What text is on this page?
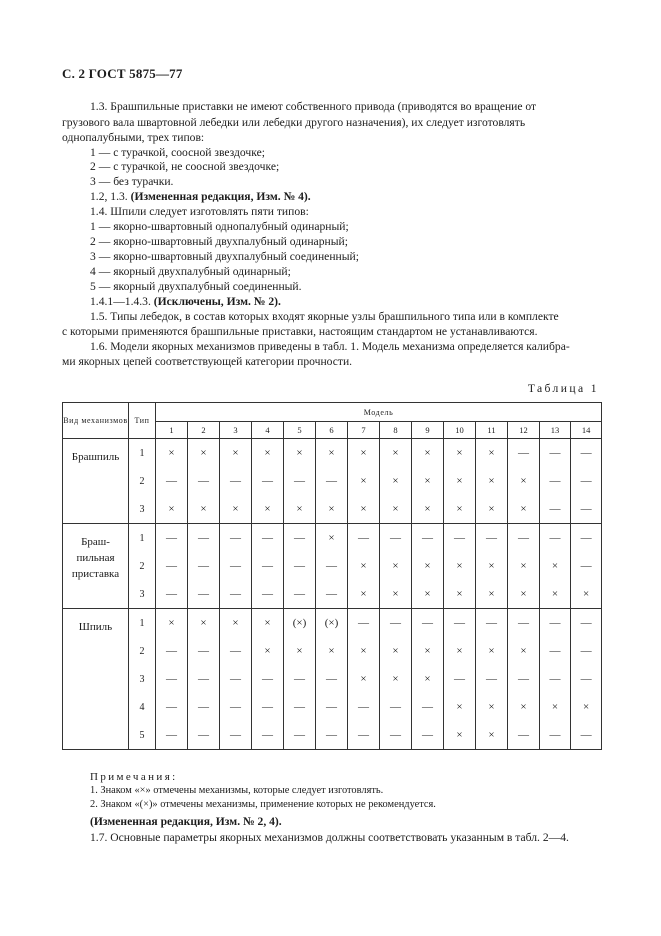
С. 2 ГОСТ 5875—77
1.3. Брашпильные приставки не имеют собственного привода (приводятся во вращение от
грузового вала швартовной лебедки или лебедки другого назначения), их следует изготовлять
однопалубными, трех типов:
1 — с турачкой, соосной звездочке;
2 — с турачкой, не соосной звездочке;
3 — без турачки.
1.2, 1.3. (Измененная редакция, Изм. № 4).
1.4. Шпили следует изготовлять пяти типов:
1 — якорно-швартовный однопалубный одинарный;
2 — якорно-швартовный двухпалубный одинарный;
3 — якорно-швартовный двухпалубный соединенный;
4 — якорный двухпалубный одинарный;
5 — якорный двухпалубный соединенный.
1.4.1—1.4.3. (Исключены, Изм. № 2).
1.5. Типы лебедок, в состав которых входят якорные узлы брашпильного типа или в комплекте
с которыми применяются брашпильные приставки, настоящим стандартом не устанавливаются.
1.6. Модели якорных механизмов приведены в табл. 1. Модель механизма определяется калибра-
ми якорных цепей соответствующей категории прочности.
Таблица 1
Вид механизмов	Тип	Модель													
		1	2	3	4	5	6	7	8	9	10	11	12	13	14
Брашпиль	1	×	×	×	×	×	×	×	×	×	×	×	—	—	—
	2	—	—	—	—	—	—	×	×	×	×	×	×	—	—
	3	×	×	×	×	×	×	×	×	×	×	×	×	—	—
Браш-пильная приставка	1	—	—	—	—	—	×	—	—	—	—	—	—	—	—
	2	—	—	—	—	—	—	×	×	×	×	×	×	×	—
	3	—	—	—	—	—	—	×	×	×	×	×	×	×	×
Шпиль	1	×	×	×	×	(×)	(×)	—	—	—	—	—	—	—	—
	2	—	—	—	×	×	×	×	×	×	×	×	×	—	—
	3	—	—	—	—	—	—	×	×	×	—	—	—	—	—
	4	—	—	—	—	—	—	—	—	—	×	×	×	×	×
	5	—	—	—	—	—	—	—	—	—	×	×	—	—	—
Примечания:
1. Знаком «×» отмечены механизмы, которые следует изготовлять.
2. Знаком «(×)» отмечены механизмы, применение которых не рекомендуется.
(Измененная редакция, Изм. № 2, 4).
1.7. Основные параметры якорных механизмов должны соответствовать указанным в табл. 2—4.
